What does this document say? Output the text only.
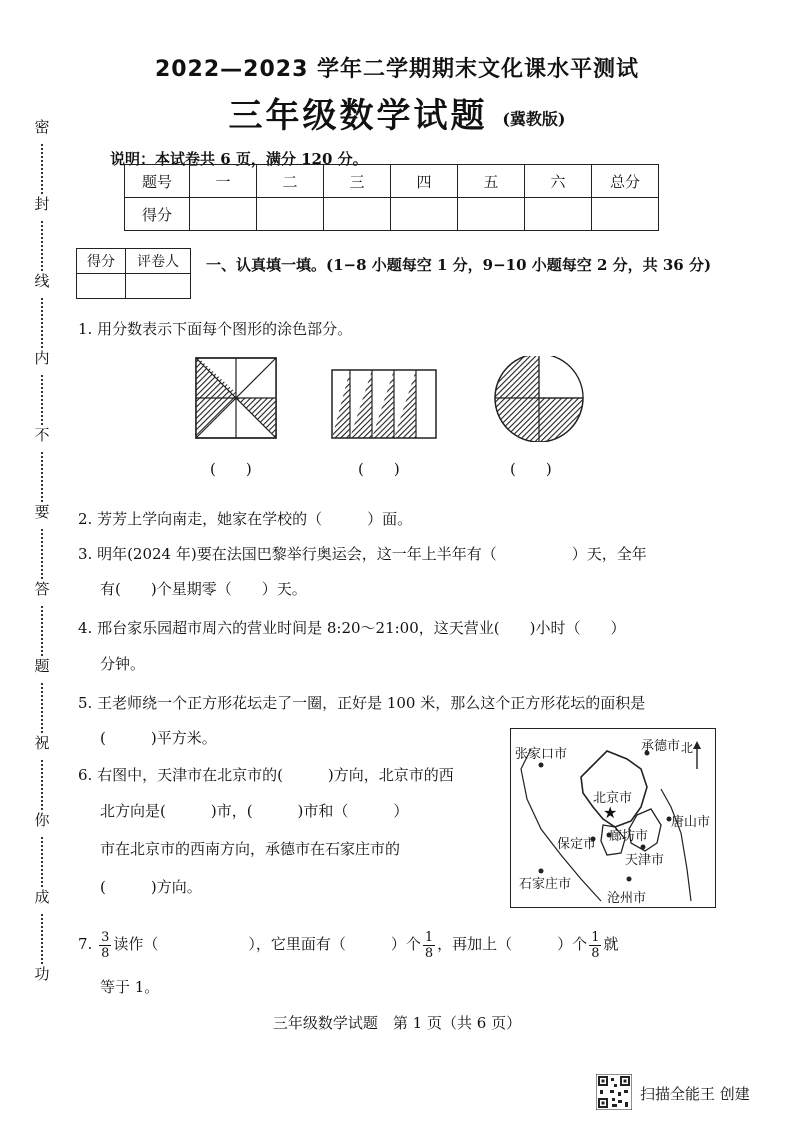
密
封
线
内
不
要
答
题
祝
你
成
功
2022—2023 学年二学期期末文化课水平测试
三年级数学试题 (冀教版)
说明：本试卷共 6 页，满分 120 分。
题号	一	二	三	四	五	六	总分
得分							
得分	评卷人
	一、认真填一填。(1−8 小题每空 1 分，9−10 小题每空 2 分，共 36 分)
1. 用分数表示下面每个图形的涂色部分。
(　　)	(　　)	(　　)
2. 芳芳上学向南走，她家在学校的（　　　）面。
3. 明年(2024 年)要在法国巴黎举行奥运会，这一年上半年有（　　　　　）天，全年
有(　　)个星期零（　　）天。
4. 邢台家乐园超市周六的营业时间是 8:20～21:00，这天营业(　　)小时（　　）
分钟。
5. 王老师绕一个正方形花坛走了一圈，正好是 100 米，那么这个正方形花坛的面积是
(　　　)平方米。
6. 右图中，天津市在北京市的(　　　)方向，北京市的西
北方向是(　　　)市，(　　　)市和（　　　）
市在北京市的西南方向，承德市在石家庄市的
(　　　)方向。
★
张家口市
承德市
北京市
廊坊市
保定市
唐山市
天津市
石家庄市
沧州市
北
7. $\frac{3}{8}$ 读作（　　　　　　），它里面有（　　　）个 $\frac{1}{8}$ ，再加上（　　　）个 $\frac{1}{8}$ 就
等于 1。
三年级数学试题　第 1 页（共 6 页）
扫描全能王 创建
